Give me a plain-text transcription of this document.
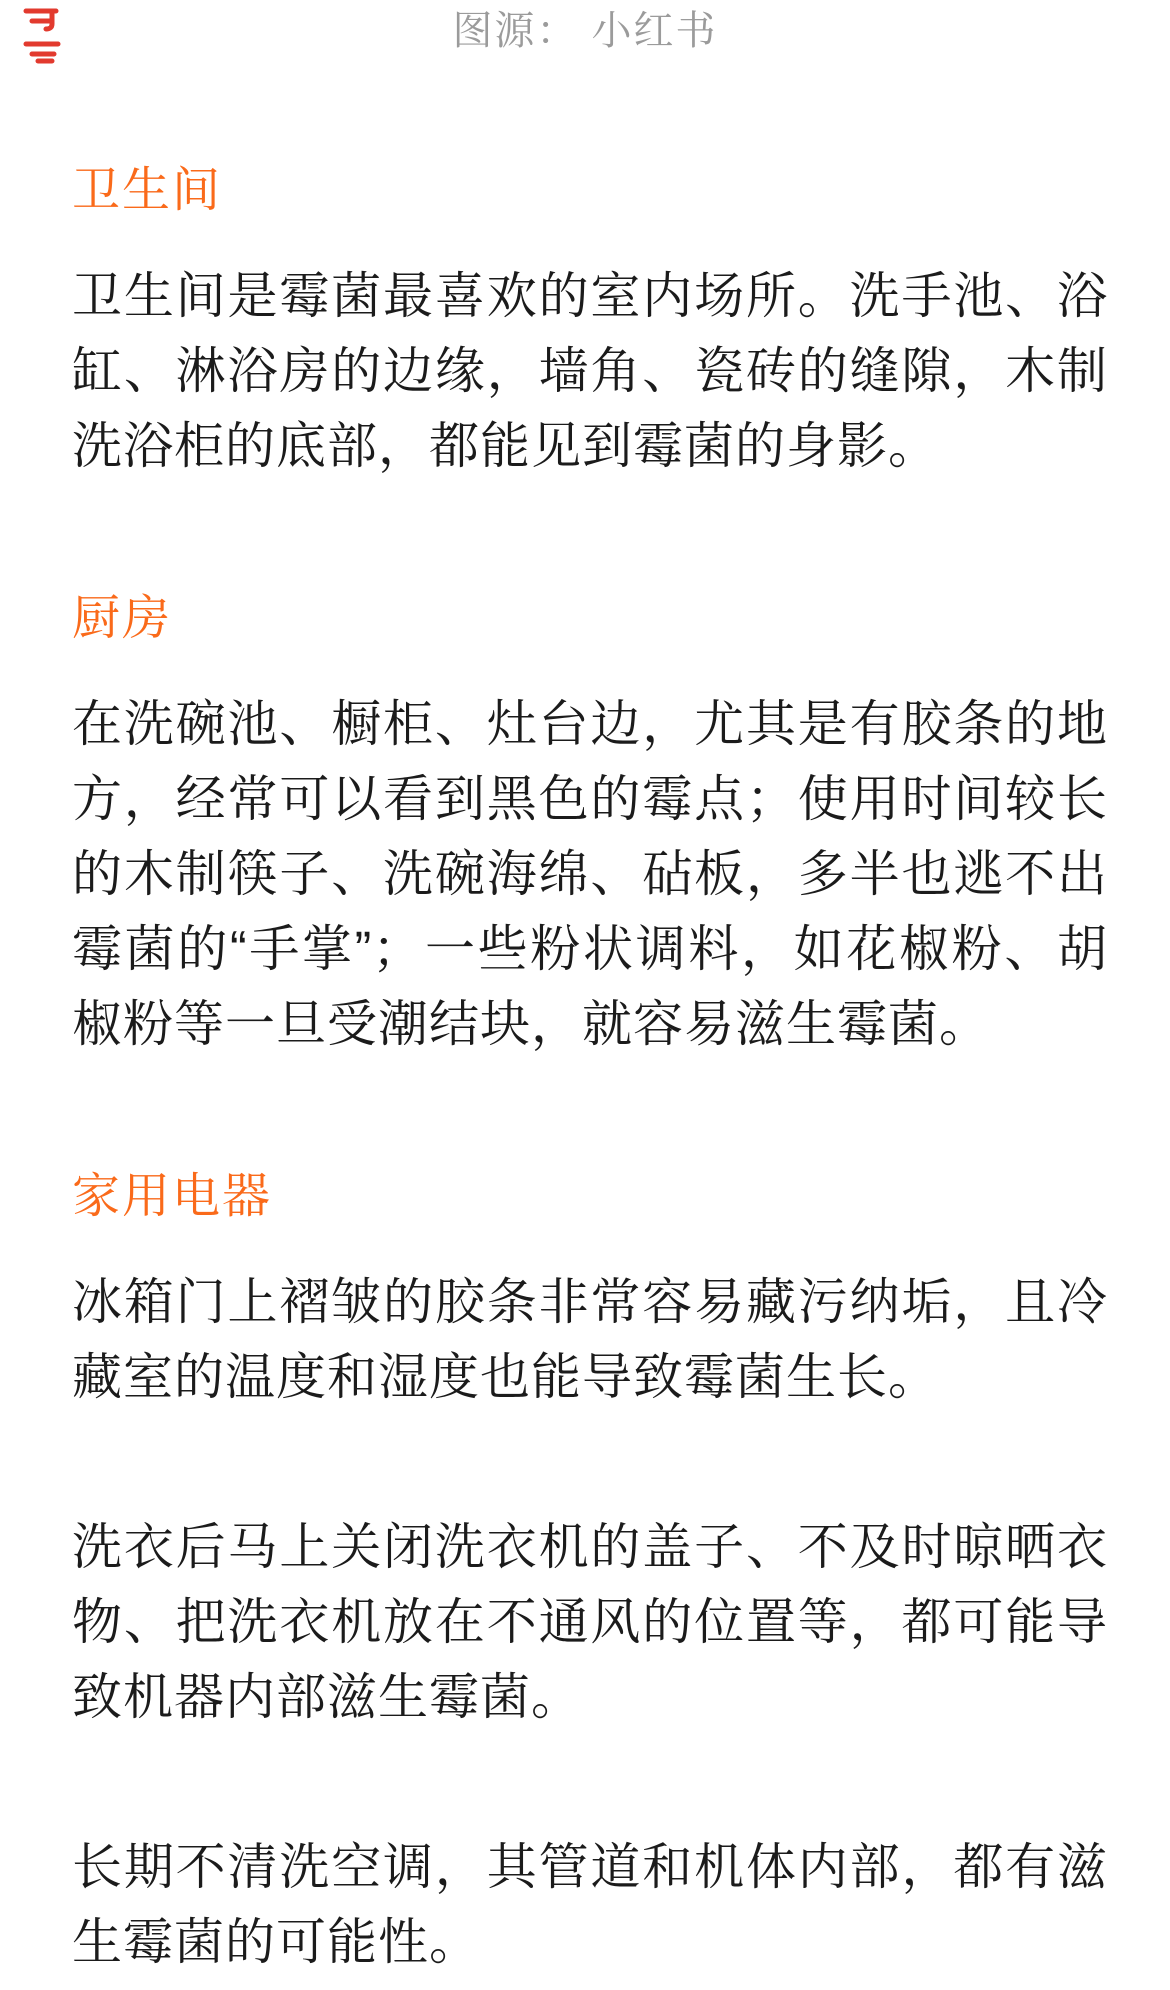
图源： 小红书
卫生间

卫生间是霉菌最喜欢的室内场所。洗手池、浴缸、淋浴房的边缘，墙角、瓷砖的缝隙，木制洗浴柜的底部，都能见到霉菌的身影。

厨房

在洗碗池、橱柜、灶台边，尤其是有胶条的地方，经常可以看到黑色的霉点；使用时间较长的木制筷子、洗碗海绵、砧板，多半也逃不出霉菌的“手掌”；一些粉状调料，如花椒粉、胡椒粉等一旦受潮结块，就容易滋生霉菌。

家用电器

冰箱门上褶皱的胶条非常容易藏污纳垢，且冷藏室的温度和湿度也能导致霉菌生长。

洗衣后马上关闭洗衣机的盖子、不及时晾晒衣物、把洗衣机放在不通风的位置等，都可能导致机器内部滋生霉菌。

长期不清洗空调，其管道和机体内部，都有滋生霉菌的可能性。
